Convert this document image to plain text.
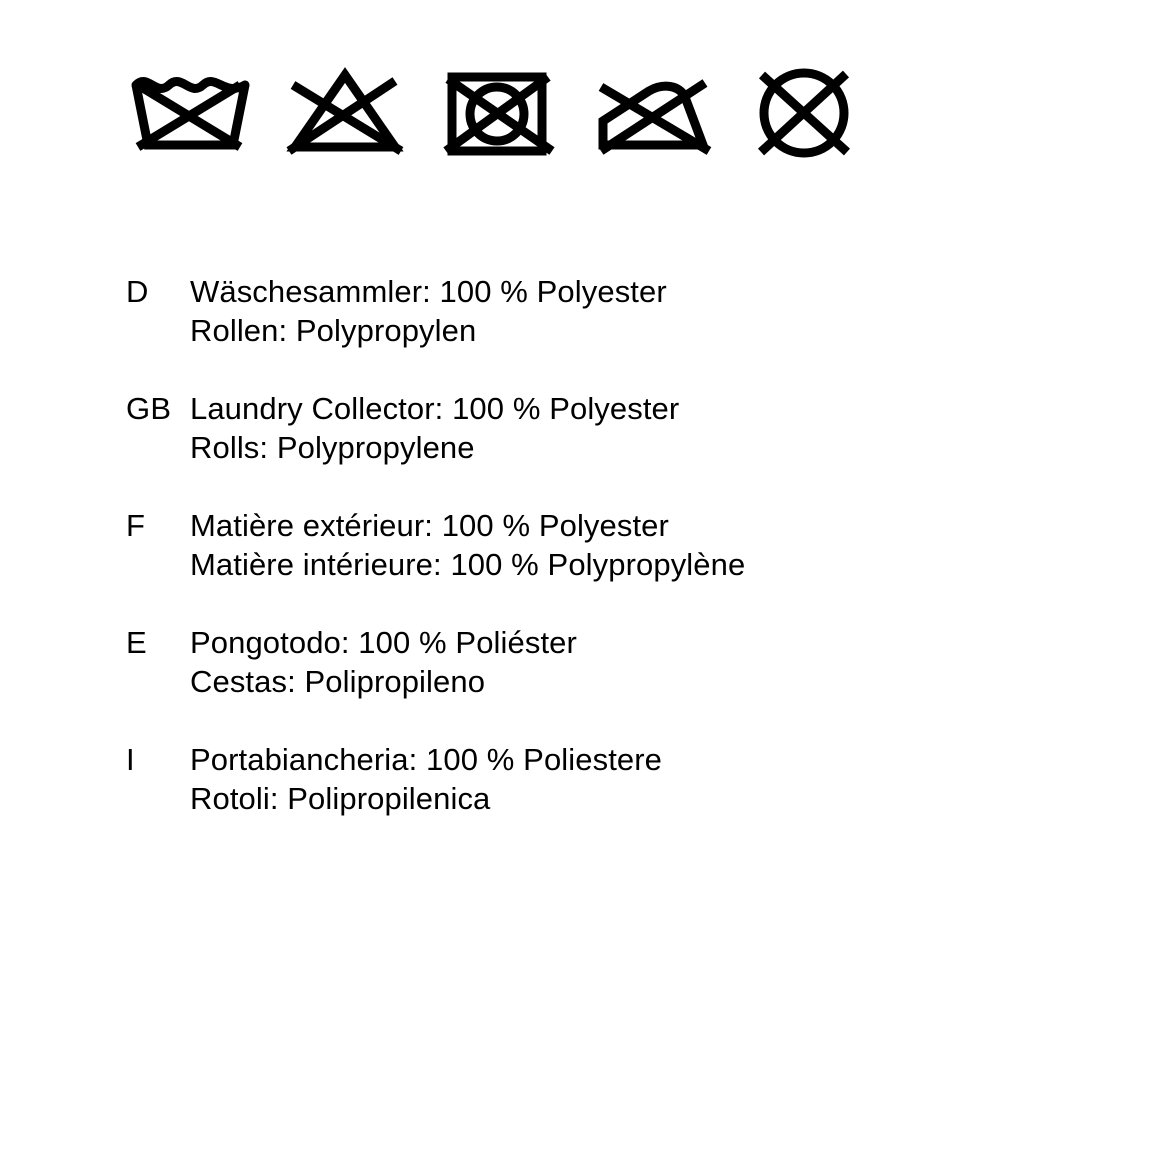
D	Wäschesammler: 100 % Polyester
Rollen: Polypropylen
GB Laundry Collector: 100 % Polyester
Rolls: Polypropylene
F	Matière extérieur: 100 % Polyester
Matière intérieure: 100 % Polypropylène
E	Pongotodo: 100 % Poliéster
Cestas: Polipropileno
I	Portabiancheria: 100 % Poliestere
Rotoli: Polipropilenica
